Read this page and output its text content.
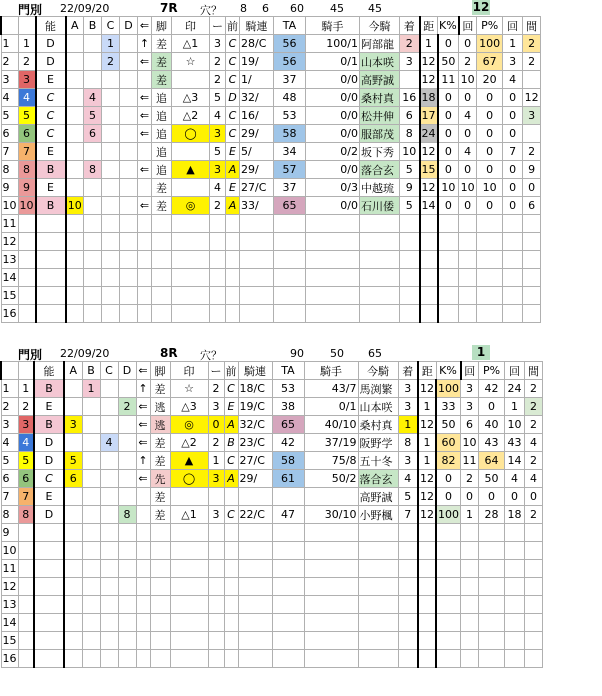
門別 22/09/20	7R 穴？ 8 6 60 45 45	12
		能	A	B	C	D	⇐	脚	印	ー	前	騎連	TA	騎手	今騎	着	距	K%	回	P%	回	間
1	1	D			1		↑	差	△1	3	C	28/C	56	100/1	阿部龍	2	1	0	0	100	1	2
2	2	D			2		⇐	差	☆	2	C	19/	56	0/1	山本咲	3	12	50	2	67	3	2
3	3	E						差		2	C	1/	37	0/0	高野誠		12	11	10	20	4	
4	4	C		4			⇐	追	△3	5	D	32/	48	0/0	桑村真	16	18	0	0	0	0	12
5	5	C		5			⇐	追	△2	4	C	16/	53	0/0	松井伸	6	17	0	4	0	0	3
6	6	C		6			⇐	追	◯	3	C	29/	58	0/0	服部茂	8	24	0	0	0	0	
7	7	E						追		5	E	5/	34	0/2	坂下秀	10	12	0	4	0	7	2
8	8	B		8			⇐	追	▲	3	A	29/	57	0/0	落合玄	5	15	0	0	0	0	9
9	9	E						差		4	E	27/C	37	0/3	中越琉	9	12	10	10	10	0	0
10	10	B	10				⇐	差	◎	2	A	33/	65	0/0	石川倭	5	14	0	0	0	0	6
11																						
12																						
13																						
14																						
15																						
16																						
門別 22/09/20	8R 穴？	90 50 65	1
		能	A	B	C	D	⇐	脚	印	ー	前	騎連	TA	騎手	今騎	着	距	K%	回	P%	回	間
1	1	B		1			↑	差	☆	2	C	18/C	53	43/7	馬渕繁	3	12	100	3	42	24	2
2	2	E				2	⇐	逃	△3	3	E	19/C	38	0/1	山本咲	3	1	33	3	0	1	2
3	3	B	3				⇐	逃	◎	0	A	32/C	65	40/10	桑村真	1	12	50	6	40	10	2
4	4	D			4		⇐	差	△2	2	B	23/C	42	37/19	阪野学	8	1	60	10	43	43	4
5	5	D	5				↑	差	▲	1	C	27/C	58	75/8	五十冬	3	1	82	11	64	14	2
6	6	C	6				⇐	先	◯	3	A	29/	61	50/2	落合玄	4	12	0	2	50	4	4
7	7	E						差							高野誠	5	12	0	0	0	0	0
8	8	D				8		差	△1	3	C	22/C	47	30/10	小野楓	7	12	100	1	28	18	2
9																						
10																						
11																						
12																						
13																						
14																						
15																						
16																						
